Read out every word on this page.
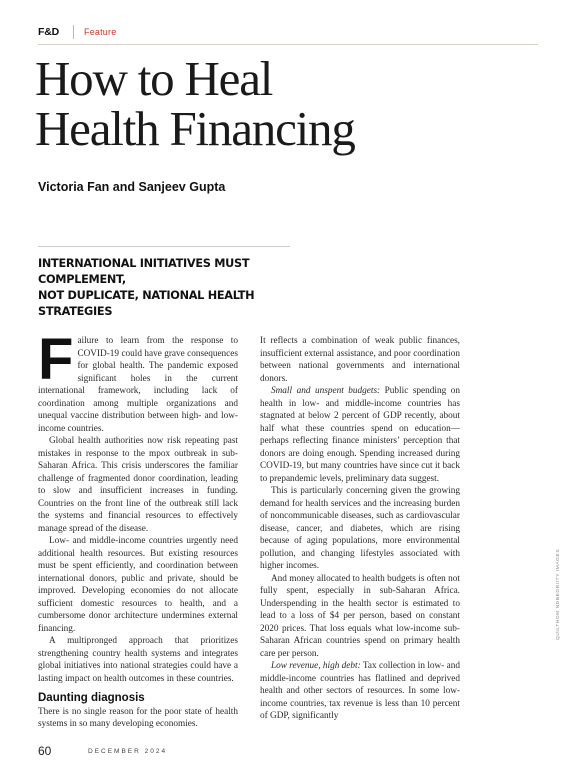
F&D	Feature
How to Heal
Health Financing

Victoria Fan and Sanjeev Gupta

INTERNATIONAL INITIATIVES MUST COMPLEMENT,
NOT DUPLICATE, NATIONAL HEALTH STRATEGIES

Failure to learn from the response to COVID-19 could have grave consequences for global health. The pandemic exposed significant holes in the current international framework, including lack of coordination among multiple organizations and unequal vaccine distribution between high- and low-income countries.

Global health authorities now risk repeating past mistakes in response to the mpox outbreak in sub-Saharan Africa. This crisis underscores the familiar challenge of fragmented donor coordination, leading to slow and insufficient increases in funding. Countries on the front line of the outbreak still lack the systems and financial resources to effectively manage spread of the disease.

Low- and middle-income countries urgently need additional health resources. But existing resources must be spent efficiently, and coordination between international donors, public and private, should be improved. Developing economies do not allocate sufficient domestic resources to health, and a cumbersome donor architecture undermines external financing.

A multipronged approach that prioritizes strengthening country health systems and integrates global initiatives into national strategies could have a lasting impact on health outcomes in these countries.

Daunting diagnosis

There is no single reason for the poor state of health systems in so many developing economies.

It reflects a combination of weak public finances, insufficient external assistance, and poor coordination between national governments and international donors.

Small and unspent budgets: Public spending on health in low- and middle-income countries has stagnated at below 2 percent of GDP recently, about half what these countries spend on education—perhaps reflecting finance ministers’ perception that donors are doing enough. Spending increased during COVID-19, but many countries have since cut it back to prepandemic levels, preliminary data suggest.

This is particularly concerning given the growing demand for health services and the increasing burden of noncommunicable diseases, such as cardiovascular disease, cancer, and diabetes, which are rising because of aging populations, more environmental pollution, and changing lifestyles associated with higher incomes.

And money allocated to health budgets is often not fully spent, especially in sub-Saharan Africa. Underspending in the health sector is estimated to lead to a loss of $4 per person, based on constant 2020 prices. That loss equals what low-income sub-Saharan African countries spend on primary health care per person.

Low revenue, high debt: Tax collection in low- and middle-income countries has flatlined and deprived health and other sectors of resources. In some low-income countries, tax revenue is less than 10 percent of GDP, significantly

QUILTHOM NDBEGRIITY IMAGES
60	DECEMBER 2024
